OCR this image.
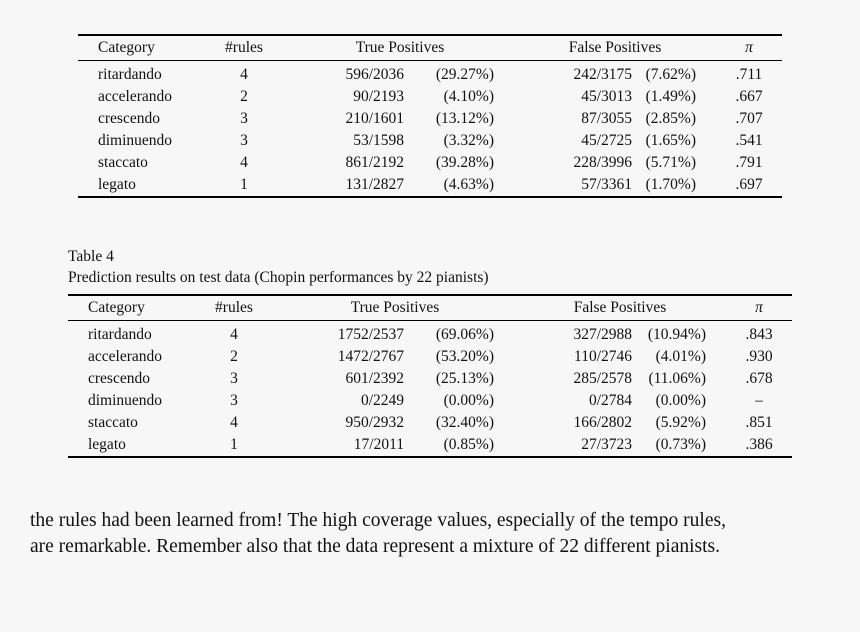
Category	#rules	True Positives		False Positives		π
ritardando	4	596/2036	(29.27%)	242/3175	(7.62%)	.711
accelerando	2	90/2193	(4.10%)	45/3013	(1.49%)	.667
crescendo	3	210/1601	(13.12%)	87/3055	(2.85%)	.707
diminuendo	3	53/1598	(3.32%)	45/2725	(1.65%)	.541
staccato	4	861/2192	(39.28%)	228/3996	(5.71%)	.791
legato	1	131/2827	(4.63%)	57/3361	(1.70%)	.697
Table 4
Prediction results on test data (Chopin performances by 22 pianists)
Category	#rules	True Positives		False Positives		π
ritardando	4	1752/2537	(69.06%)	327/2988	(10.94%)	.843
accelerando	2	1472/2767	(53.20%)	110/2746	(4.01%)	.930
crescendo	3	601/2392	(25.13%)	285/2578	(11.06%)	.678
diminuendo	3	0/2249	(0.00%)	0/2784	(0.00%)	–
staccato	4	950/2932	(32.40%)	166/2802	(5.92%)	.851
legato	1	17/2011	(0.85%)	27/3723	(0.73%)	.386
the rules had been learned from! The high coverage values, especially of the tempo rules,
are remarkable. Remember also that the data represent a mixture of 22 different pianists.
